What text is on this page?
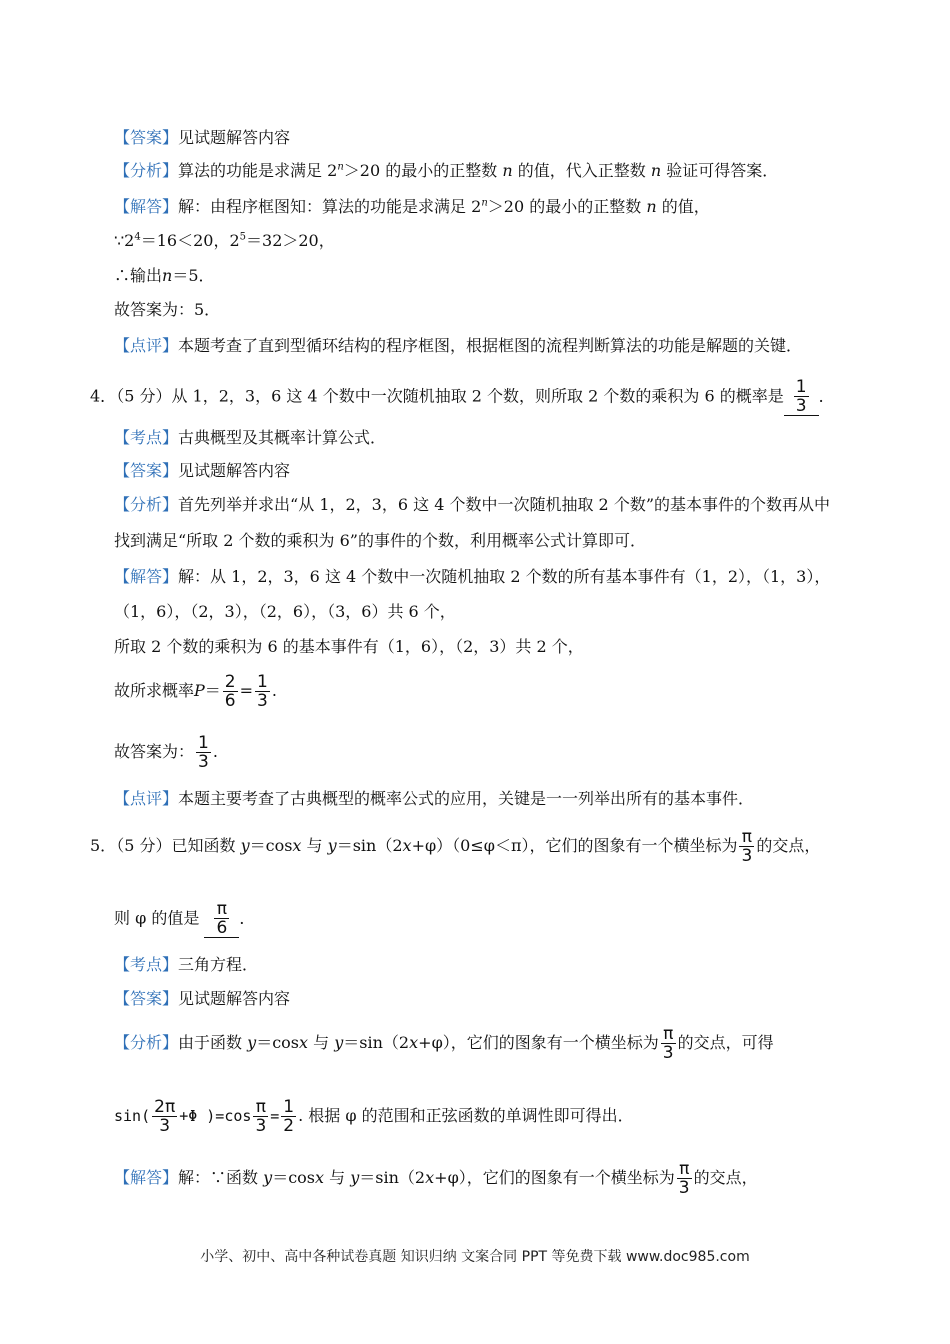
【答案】见试题解答内容
【分析】算法的功能是求满足 $2^n>20$ 的最小的正整数 n 的值，代入正整数 n 验证可得答案．
【解答】解：由程序框图知：算法的功能是求满足 $2^n>20$ 的最小的正整数 n 的值，
$\because 2^4=16<20$，$2^5=32>20$，
∴输出n＝5．
故答案为：5．
【点评】本题考查了直到型循环结构的程序框图，根据框图的流程判断算法的功能是解题的关键．
4．（5 分）从 1，2，3，6 这 4 个数中一次随机抽取 2 个数，则所取 2 个数的乘积为 6 的概率是 $\frac{1}{3}$ ．
【考点】古典概型及其概率计算公式．
【答案】见试题解答内容
【分析】首先列举并求出“从 1，2，3，6 这 4 个数中一次随机抽取 2 个数”的基本事件的个数再从中
找到满足“所取 2 个数的乘积为 6”的事件的个数，利用概率公式计算即可．
【解答】解：从 1，2，3，6 这 4 个数中一次随机抽取 2 个数的所有基本事件有（1，2），（1，3），
（1，6），（2，3），（2，6），（3，6）共 6 个，
所取 2 个数的乘积为 6 的基本事件有（1，6），（2，3）共 2 个，
故所求概率$P= \frac{2}{6} = \frac{1}{3}$ .
故答案为： $\frac{1}{3}$ .
【点评】本题主要考查了古典概型的概率公式的应用，关键是一一列举出所有的基本事件．
5．（5 分）已知函数 y＝cosx 与 y＝sin（2x+φ）（0≤φ＜π），它们的图象有一个横坐标为 $\frac{\pi}{3}$ 的交点，
则 φ 的值是 $\frac{\pi}{6}$ ．
【考点】三角方程．
【答案】见试题解答内容
【分析】由于函数 y＝cosx 与 y＝sin（2x+φ），它们的图象有一个横坐标为 $\frac{\pi}{3}$ 的交点，可得
$\sin( \frac{2\pi}{3} +\Phi$ )$=\cos \frac{\pi}{3} = \frac{1}{2}$ . 根据 φ 的范围和正弦函数的单调性即可得出．
【解答】解：∵函数 y＝cosx 与 y＝sin（2x+φ），它们的图象有一个横坐标为 $\frac{\pi}{3}$ 的交点，
小学、初中、高中各种试卷真题 知识归纳 文案合同 PPT 等免费下载 www.doc985.com
